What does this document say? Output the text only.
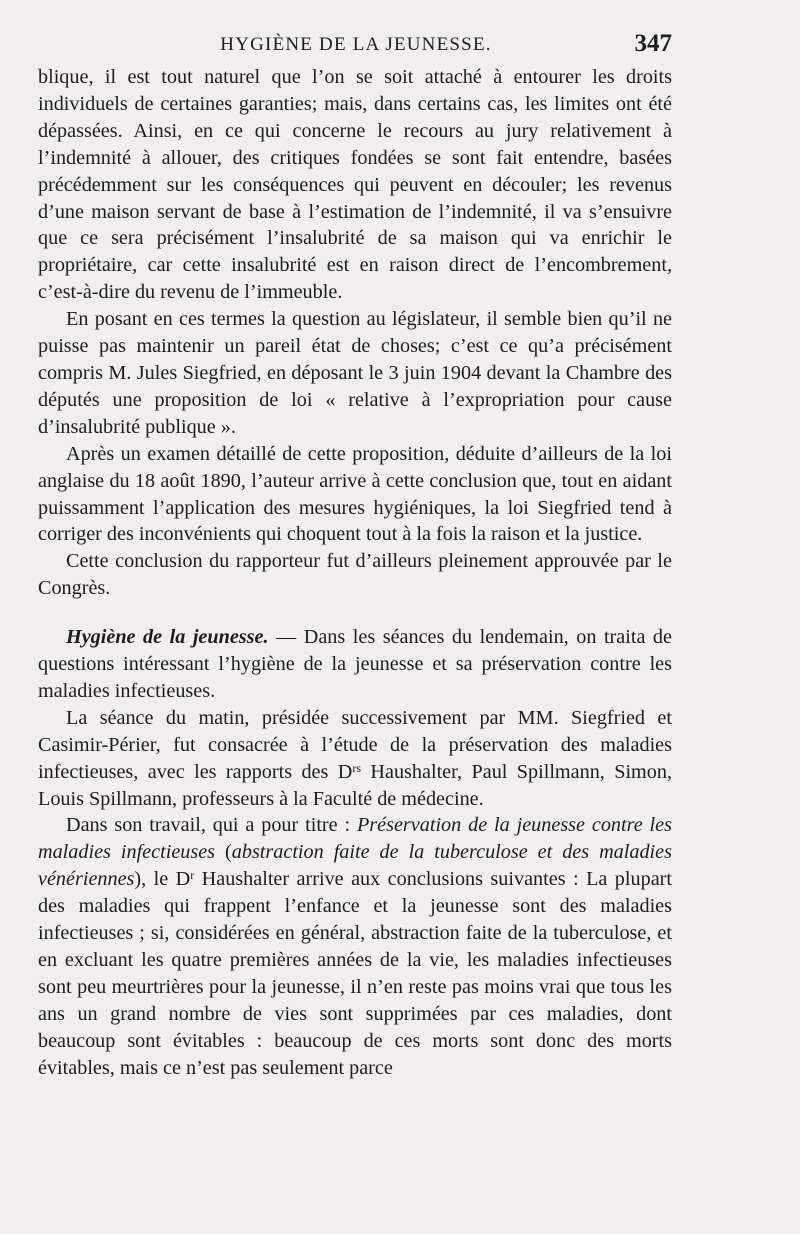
HYGIÈNE DE LA JEUNESSE.	347

blique, il est tout naturel que l’on se soit attaché à entourer les droits individuels de certaines garanties; mais, dans certains cas, les limites ont été dépassées. Ainsi, en ce qui concerne le recours au jury relativement à l’indemnité à allouer, des critiques fondées se sont fait entendre, basées précédemment sur les conséquences qui peuvent en découler; les revenus d’une maison servant de base à l’estimation de l’indemnité, il va s’ensuivre que ce sera précisément l’insalubrité de sa maison qui va enrichir le propriétaire, car cette insalubrité est en raison direct de l’encombrement, c’est-à-dire du revenu de l’immeuble.

En posant en ces termes la question au législateur, il semble bien qu’il ne puisse pas maintenir un pareil état de choses; c’est ce qu’a précisément compris M. Jules Siegfried, en déposant le 3 juin 1904 devant la Chambre des députés une proposition de loi « relative à l’expropriation pour cause d’insalubrité publique ».

Après un examen détaillé de cette proposition, déduite d’ailleurs de la loi anglaise du 18 août 1890, l’auteur arrive à cette conclusion que, tout en aidant puissamment l’application des mesures hygiéniques, la loi Siegfried tend à corriger des inconvénients qui choquent tout à la fois la raison et la justice.

Cette conclusion du rapporteur fut d’ailleurs pleinement approuvée par le Congrès.

Hygiène de la jeunesse. — Dans les séances du lendemain, on traita de questions intéressant l’hygiène de la jeunesse et sa préservation contre les maladies infectieuses.

La séance du matin, présidée successivement par MM. Siegfried et Casimir-Périer, fut consacrée à l’étude de la préservation des maladies infectieuses, avec les rapports des $D^{rs}$ Haushalter, Paul Spillmann, Simon, Louis Spillmann, professeurs à la Faculté de médecine.

Dans son travail, qui a pour titre : Préservation de la jeunesse contre les maladies infectieuses (abstraction faite de la tuberculose et des maladies vénériennes), le $D^r$ Haushalter arrive aux conclusions suivantes : La plupart des maladies qui frappent l’enfance et la jeunesse sont des maladies infectieuses ; si, considérées en général, abstraction faite de la tuberculose, et en excluant les quatre premières années de la vie, les maladies infectieuses sont peu meurtrières pour la jeunesse, il n’en reste pas moins vrai que tous les ans un grand nombre de vies sont supprimées par ces maladies, dont beaucoup sont évitables : beaucoup de ces morts sont donc des morts évitables, mais ce n’est pas seulement parce
